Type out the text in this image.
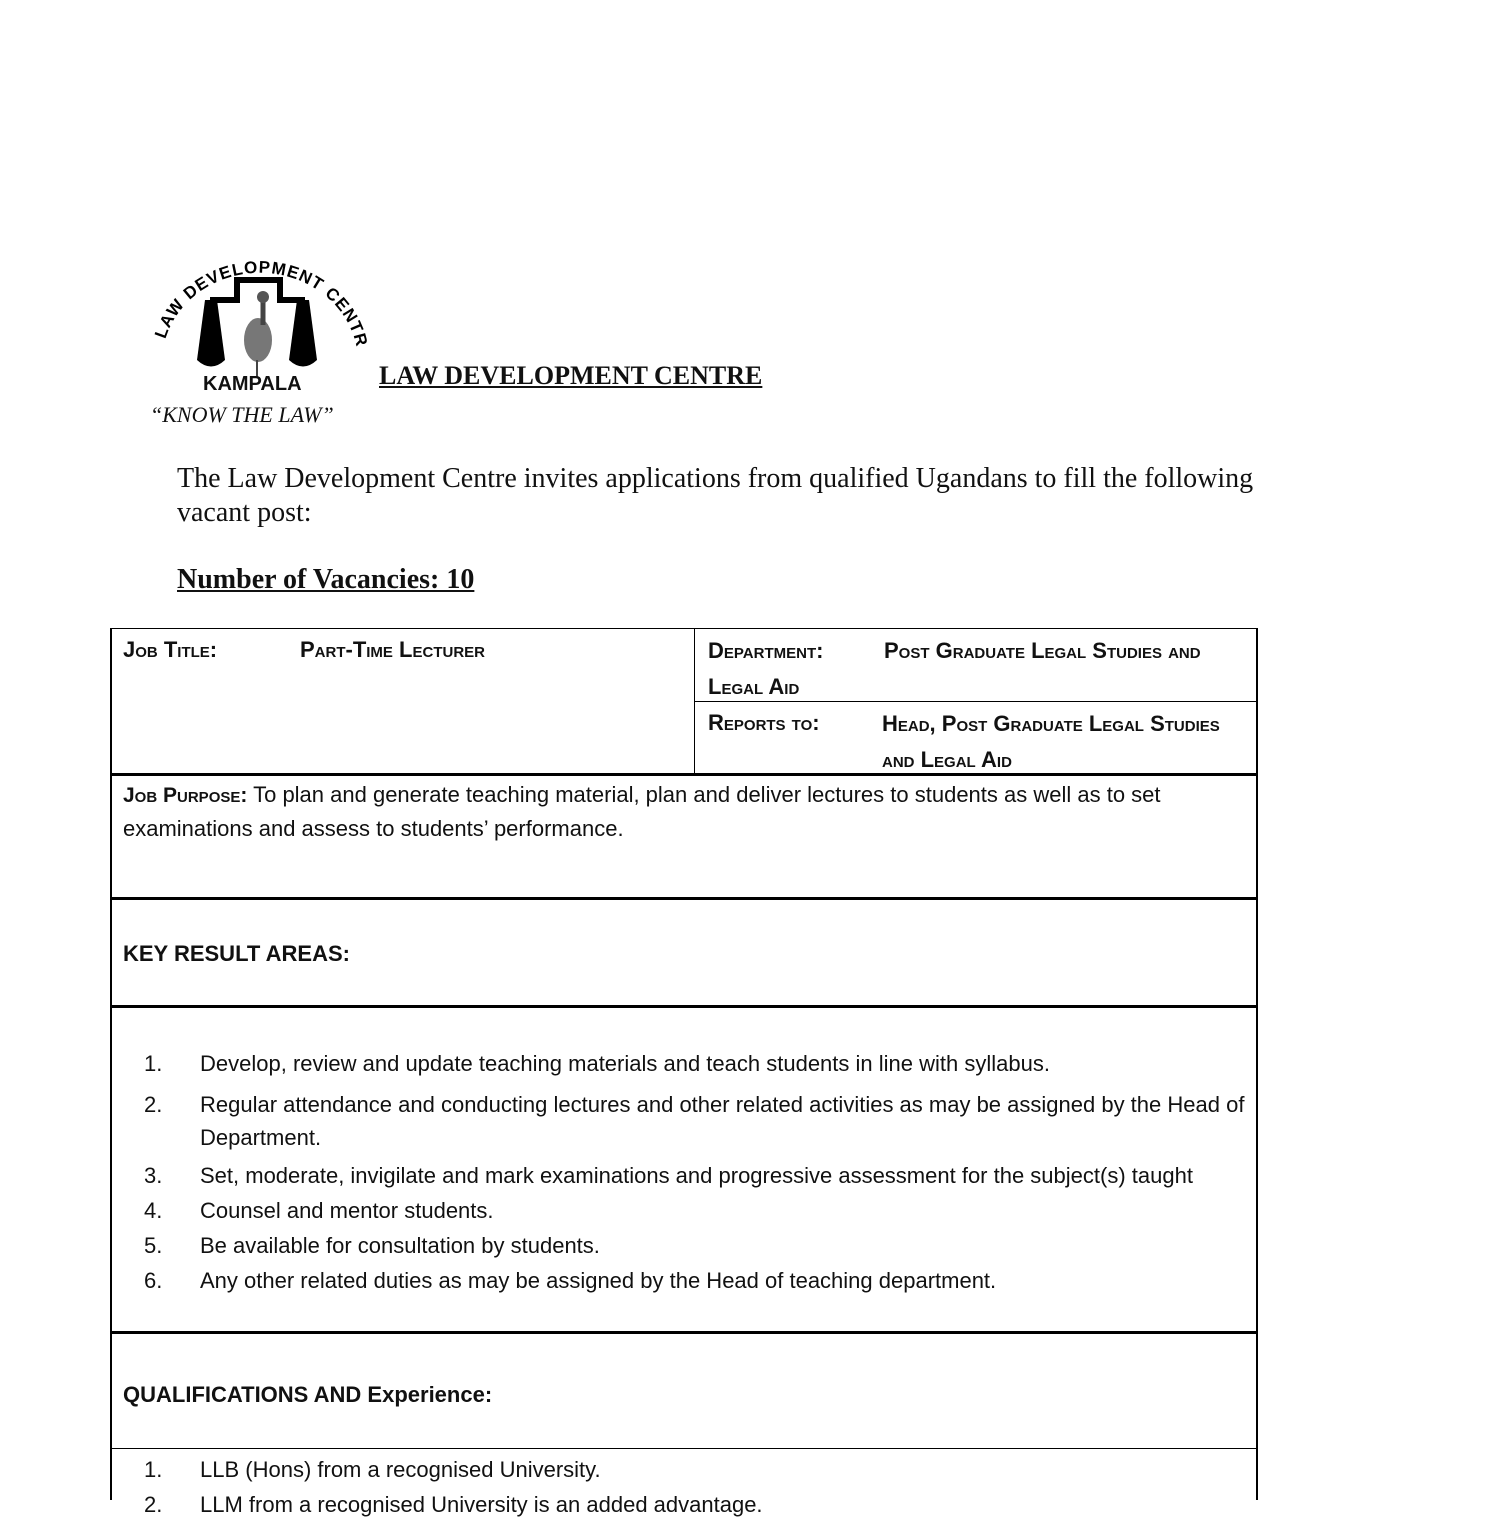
LAW DEVELOPMENT CENTR
KAMPALA
“KNOW THE LAW”
LAW DEVELOPMENT CENTRE
The Law Development Centre invites applications from qualified Ugandans to fill the following vacant post:
Number of Vacancies: 10
Job Title:	Part-Time Lecturer	Department:	Post Graduate Legal Studies and Legal Aid
Reports to:	Head, Post Graduate Legal Studies and Legal Aid
Job Purpose: To plan and generate teaching material, plan and deliver lectures to students as well as to set examinations and assess to students’ performance.
KEY RESULT AREAS:
1. Develop, review and update teaching materials and teach students in line with syllabus.
2. Regular attendance and conducting lectures and other related activities as may be assigned by the Head of Department.
3. Set, moderate, invigilate and mark examinations and progressive assessment for the subject(s) taught
4. Counsel and mentor students.
5. Be available for consultation by students.
6. Any other related duties as may be assigned by the Head of teaching department.
QUALIFICATIONS AND Experience:
1. LLB (Hons) from a recognised University.
2. LLM from a recognised University is an added advantage.
